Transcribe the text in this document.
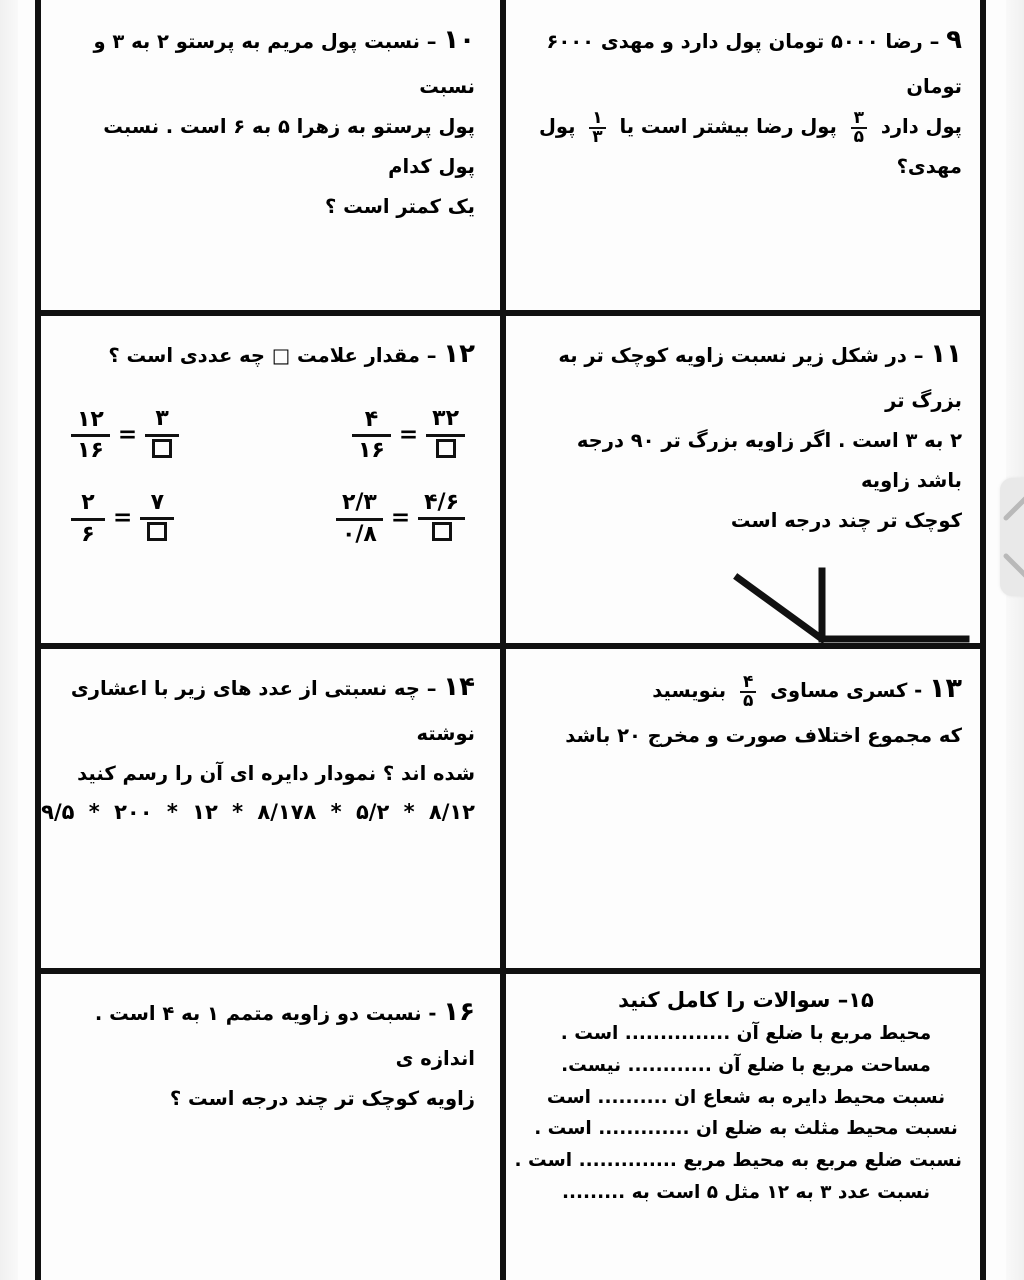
۹ – رضا ۵۰۰۰ تومان پول دارد و مهدی ۶۰۰۰ تومان

پول دارد
$\frac{۳}{۵}$
پول رضا بیشتر است یا
$\frac{۱}{۳}$
پول مهدی؟

۱۰ – نسبت پول مریم به پرستو ۲ به ۳ و نسبت

پول پرستو به زهرا ۵ به ۶ است . نسبت پول کدام

یک کمتر است ؟

۱۱ – در شکل زیر نسبت زاویه کوچک تر به بزرگ تر

۲ به ۳ است . اگر زاویه بزرگ تر ۹۰ درجه باشد زاویه

کوچک تر چند درجه است

۱۲ – مقدار علامت □ چه عددی است ؟

$\frac{۱۲}{۱۶}$ =
۳	$\frac{۴}{۱۶}$ =
۳۲
$\frac{۲}{۶}$ =
۷	$\frac{۲/۳}{۰/۸}$ =
۴/۶

۱۳ - کسری مساوی
$\frac{۴}{۵}$
بنویسید

که مجموع اختلاف صورت و مخرج ۲۰ باشد

۱۴ – چه نسبتی از عدد های زیر با اعشاری نوشته

شده اند ؟ نمودار دایره ای آن را رسم کنید

۸/۱۲ * ۵/۲ * ۸/۱۷۸ * ۱۲ * ۲۰۰ * ۹/۵

۱۵– سوالات را کامل کنید

محیط مربع با ضلع آن ............... است .
مساحت مربع با ضلع آن ............ نیست.
نسبت محیط دایره به شعاع ان .......... است
نسبت محیط مثلث به ضلع ان ............. است .
نسبت ضلع مربع به محیط مربع .............. است .
نسبت عدد ۳ به ۱۲ مثل ۵ است به .........

۱۶ - نسبت دو زاویه متمم ۱ به ۴ است . اندازه ی

زاویه کوچک تر چند درجه است ؟
